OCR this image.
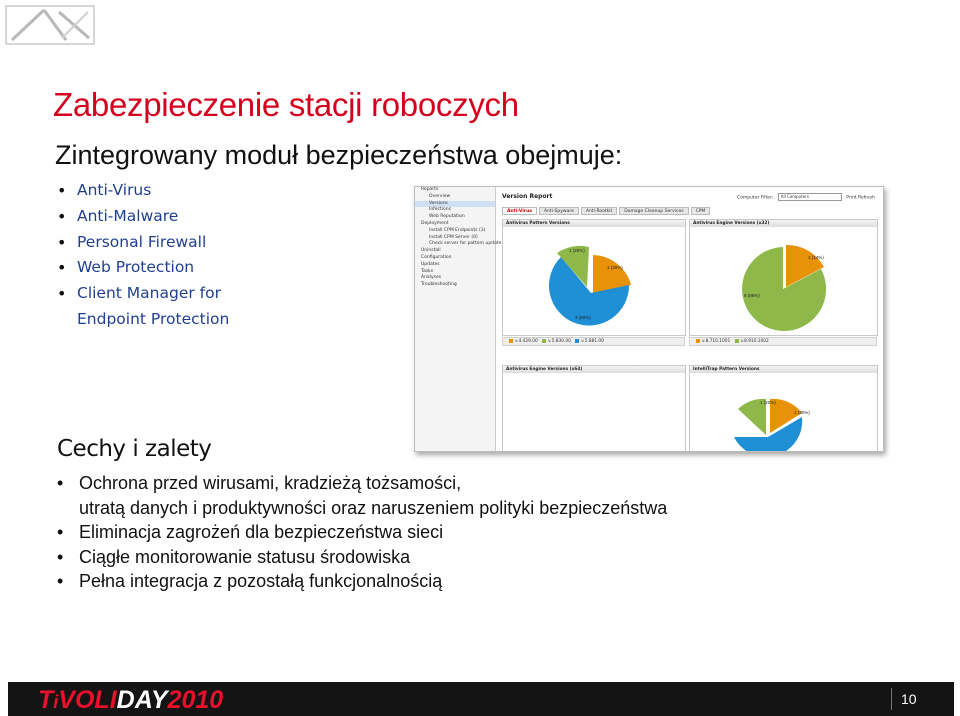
Zabezpieczenie stacji roboczych
Zintegrowany moduł bezpieczeństwa obejmuje:
• Anti-Virus
• Anti-Malware
• Personal Firewall
• Web Protection
• Client Manager for
Endpoint Protection
Reports
Overview
Versions
Infections
Web Reputation
Deployment
Install CPM Endpoints (3)
Install CPM Server (0)
Check server for pattern update
Uninstall
Configuration
Updates
Tasks
Analyses
Troubleshooting
Version Report	Computer Filter: All Computers	Print Refresh
Anti-Virus	Anti-Spyware	Anti-Rootkit	Damage Cleanup Services	CPM
Antivirus Pattern Versions
1 (20%)
1 (20%)
3 (60%)
Antivirus Engine Versions (x32)
1 (14%)
6 (86%)
v.4.429.00 v.5.830.00 v.5.881.00	v.8.710.1001 v.8.910.1002
Antivirus Engine Versions (x64)	IntelliTrap Pattern Versions
1 (20%)
1 (20%)
Cechy i zalety
• Ochrona przed wirusami, kradzieżą tożsamości,
utratą danych i produktywności oraz naruszeniem polityki bezpieczeństwa
• Eliminacja zagrożeń dla bezpieczeństwa sieci
• Ciągłe monitorowanie statusu środowiska
• Pełna integracja z pozostałą funkcjonalnością
TiVOLIDAY2010	10
